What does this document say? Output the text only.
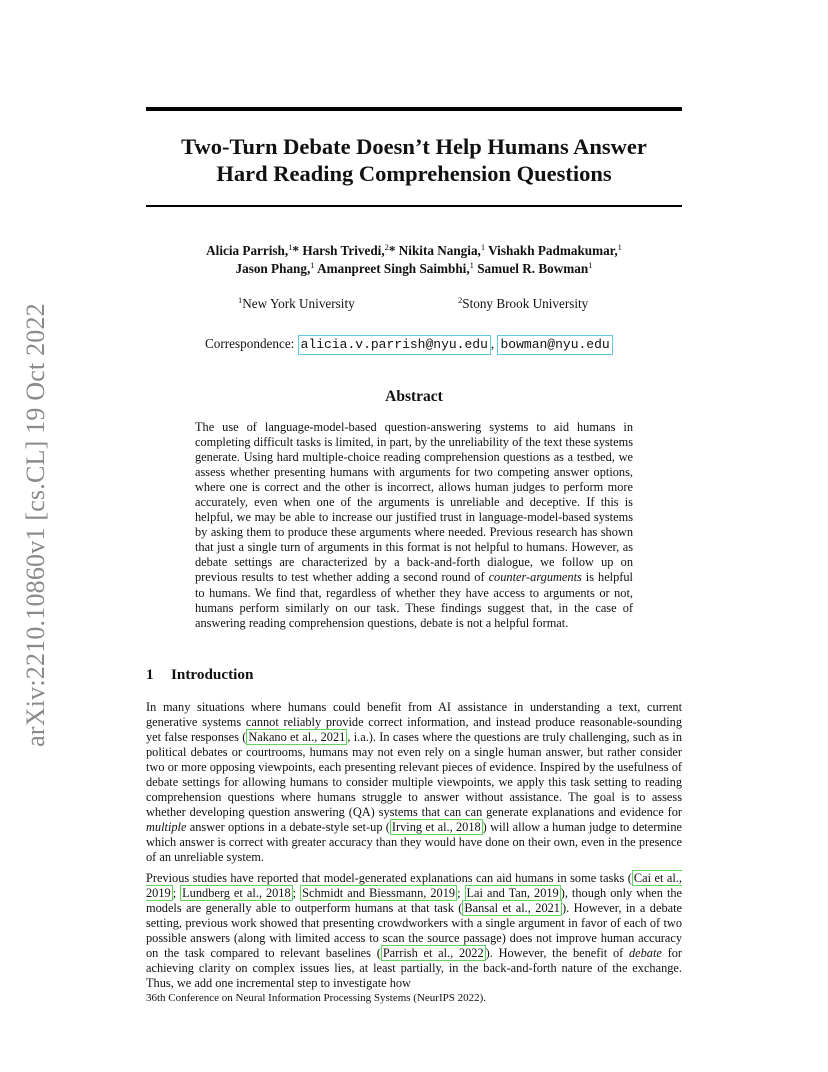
Two-Turn Debate Doesn’t Help Humans Answer
Hard Reading Comprehension Questions
arXiv:2210.10860v1 [cs.CL] 19 Oct 2022
Alicia Parrish,$^1$* Harsh Trivedi,$^2$* Nikita Nangia,$^1$ Vishakh Padmakumar,$^1$
Jason Phang,$^1$ Amanpreet Singh Saimbhi,$^1$ Samuel R. Bowman$^1$
$^1$New York University	$^2$Stony Brook University
Correspondence: alicia.v.parrish@nyu.edu , bowman@nyu.edu
Abstract

The use of language-model-based question-answering systems to aid humans in completing difficult tasks is limited, in part, by the unreliability of the text these systems generate. Using hard multiple-choice reading comprehension questions as a testbed, we assess whether presenting humans with arguments for two competing answer options, where one is correct and the other is incorrect, allows human judges to perform more accurately, even when one of the arguments is unreliable and deceptive. If this is helpful, we may be able to increase our justified trust in language-model-based systems by asking them to produce these arguments where needed. Previous research has shown that just a single turn of arguments in this format is not helpful to humans. However, as debate settings are characterized by a back-and-forth dialogue, we follow up on previous results to test whether adding a second round of counter-arguments is helpful to humans. We find that, regardless of whether they have access to arguments or not, humans perform similarly on our task. These findings suggest that, in the case of answering reading comprehension questions, debate is not a helpful format.

1 Introduction

In many situations where humans could benefit from AI assistance in understanding a text, current generative systems cannot reliably provide correct information, and instead produce reasonable-sounding yet false responses ( Nakano et al., 2021 , i.a.). In cases where the questions are truly challenging, such as in political debates or courtrooms, humans may not even rely on a single human answer, but rather consider two or more opposing viewpoints, each presenting relevant pieces of evidence. Inspired by the usefulness of debate settings for allowing humans to consider multiple viewpoints, we apply this task setting to reading comprehension questions where humans struggle to answer without assistance. The goal is to assess whether developing question answering (QA) systems that can can generate explanations and evidence for multiple answer options in a debate-style set-up ( Irving et al., 2018 ) will allow a human judge to determine which answer is correct with greater accuracy than they would have done on their own, even in the presence of an unreliable system.

Previous studies have reported that model-generated explanations can aid humans in some tasks ( Cai et al., 2019 ; Lundberg et al., 2018 ; Schmidt and Biessmann, 2019 ; Lai and Tan, 2019 ), though only when the models are generally able to outperform humans at that task ( Bansal et al., 2021 ). However, in a debate setting, previous work showed that presenting crowdworkers with a single argument in favor of each of two possible answers (along with limited access to scan the source passage) does not improve human accuracy on the task compared to relevant baselines ( Parrish et al., 2022 ). However, the benefit of debate for achieving clarity on complex issues lies, at least partially, in the back-and-forth nature of the exchange. Thus, we add one incremental step to investigate how

36th Conference on Neural Information Processing Systems (NeurIPS 2022).
